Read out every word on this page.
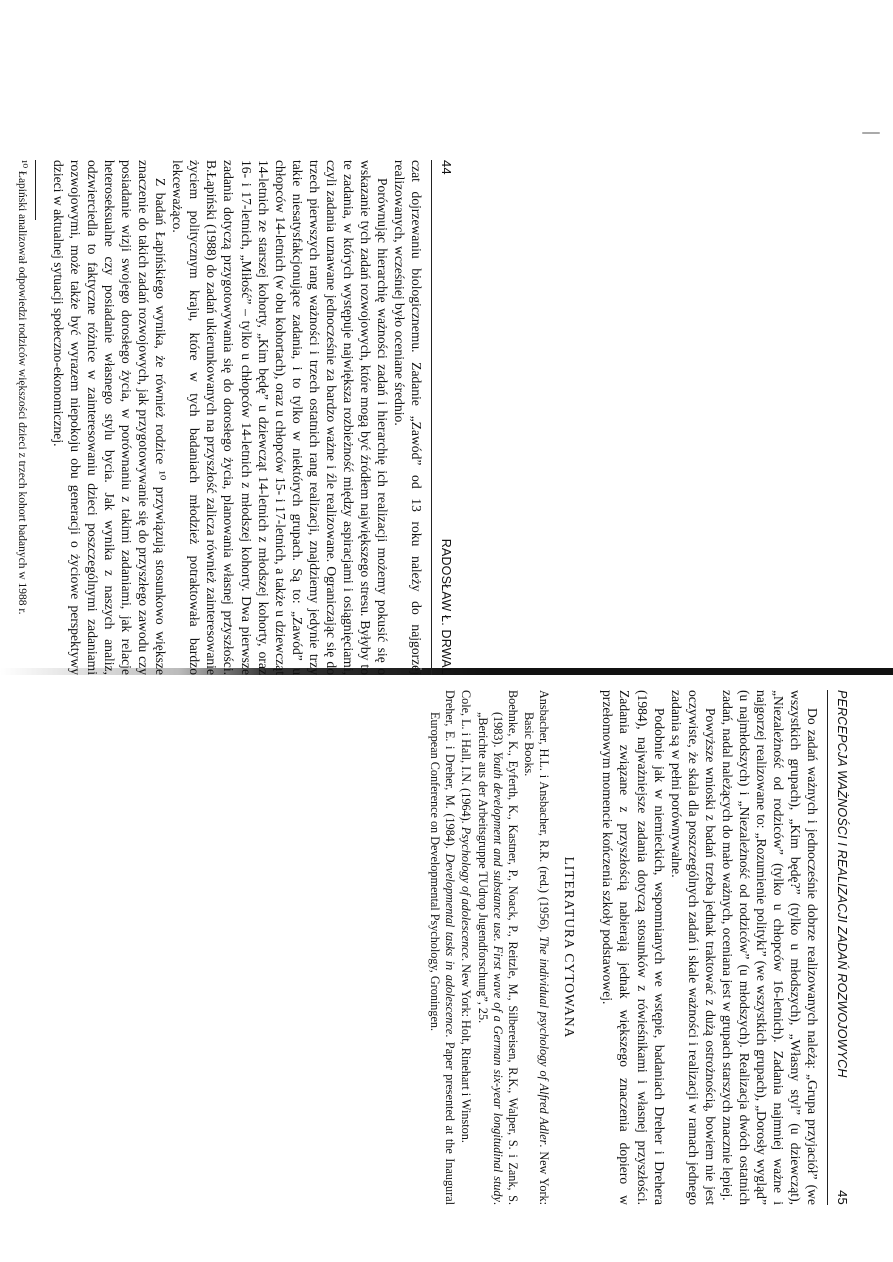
44
RADOSŁAW Ł. DRWAL

czat dojrzewaniu biologicznemu. Zadanie „Zawód” od 13 roku należy do najgorzej realizowanych, wcześniej było oceniane średnio.

Porównując hierarchię ważności zadań i hierarchię ich realizacji możemy pokusić się o wskazanie tych zadań rozwojowych, które mogą być źródłem największego stresu. Byłyby to te zadania, w których występuje największa rozbieżność między aspiracjami i osiągnięciami, czyli zadania uznawane jednocześnie za bardzo ważne i źle realizowane. Ograniczając się do trzech pierwszych rang ważności i trzech ostatnich rang realizacji, znajdziemy jedynie trzy takie niesatysfakcjonujące zadania, i to tylko w niektórych grupach. Są to: „Zawód” u chłopców 14-letnich (w obu kohortach), oraz u chłopców 15- i 17-letnich, a także u dziewcząt 14-letnich ze starszej kohorty, „Kim będę” u dziewcząt 14-letnich z młodszej kohorty, oraz 16- i 17-letnich, „Miłość” – tylko u chłopców 14-letnich z młodszej kohorty. Dwa pierwsze zadania dotyczą przygotowywania się do dorosłego życia, planowania własnej przyszłości. B.Łapiński (1988) do zadań ukierunkowanych na przyszłość zalicza również zainteresowanie życiem politycznym kraju, które w tych badaniach młodzież potraktowała bardzo lekceważąco.

Z badań Łapińskiego wynika, że również rodzice ¹⁰ przywiązują stosunkowo większe znaczenie do takich zadań rozwojowych, jak przygotowywanie się do przyszłego zawodu czy posiadanie wizji swojego dorosłego życia, w porównaniu z takimi zadaniami, jak relacje heteroseksualne czy posiadanie własnego stylu bycia. Jak wynika z naszych analiz, odzwierciedla to faktyczne różnice w zainteresowaniu dzieci poszczególnymi zadaniami rozwojowymi, może także być wyrazem niepokoju obu generacji o życiowe perspektywy dzieci w aktualnej sytuacji społeczno-ekonomicznej.

¹⁰ Łapiński analizował odpowiedzi rodziców większości dzieci z trzech kohort badanych w 1988 r.

PERCEPCJA WAŻNOŚCI I REALIZACJI ZADAŃ ROZWOJOWYCH
45

Do zadań ważnych i jednocześnie dobrze realizowanych należą: „Grupa przyjaciół” (we wszystkich grupach), „Kim będę?” (tylko u młodszych), „Własny styl” (u dziewcząt), „Niezależność od rodziców” (tylko u chłopców 16-letnich). Zadania najmniej ważne i najgorzej realizowane to: „Rozumienie polityki” (we wszystkich grupach), „Dorosły wygląd” (u najmłodszych) i „Niezależność od rodziców” (u młodszych). Realizacja dwóch ostatnich zadań, nadal należących do mało ważnych, oceniana jest w grupach starszych znacznie lepiej.

Powyższe wnioski z badań trzeba jednak traktować z dużą ostrożnością, bowiem nie jest oczywiste, że skala dla poszczególnych zadań i skale ważności i realizacji w ramach jednego zadania są w pełni porównywalne.

Podobnie jak w niemieckich, wspomnianych we wstępie, badaniach Dreher i Drehera (1984), najważniejsze zadania dotyczą stosunków z rówieśnikami i własnej przyszłości. Zadania związane z przyszłością nabierają jednak większego znaczenia dopiero w przełomowym momencie kończenia szkoły podstawowej.

LITERATURA CYTOWANA

Ansbacher, H.L. i Ansbacher, R.R. (red.) (1956). The individual psychology of Alfred Adler. New York: Basic Books.

Boehnke, K., Eyferth, K., Kastner, P., Noack, P., Reitzle, M., Silbereisen, R.K., Walper, S. i Zank, S. (1983). Youth development and substance use. First wave of a German six-year longitudinal study. „Berichte aus der Arbeitsgruppe TUdrop Jugendforschung”, 25.

Cole, L. i Hall, I.N. (1964). Psychology of adolescence. New York: Holt, Rinehart i Winston.

Dreher, E. i Dreher, M. (1984). Developmental tasks in adolescence. Paper presented at the Inaugural European Conference on Developmental Psychology, Groningen.
